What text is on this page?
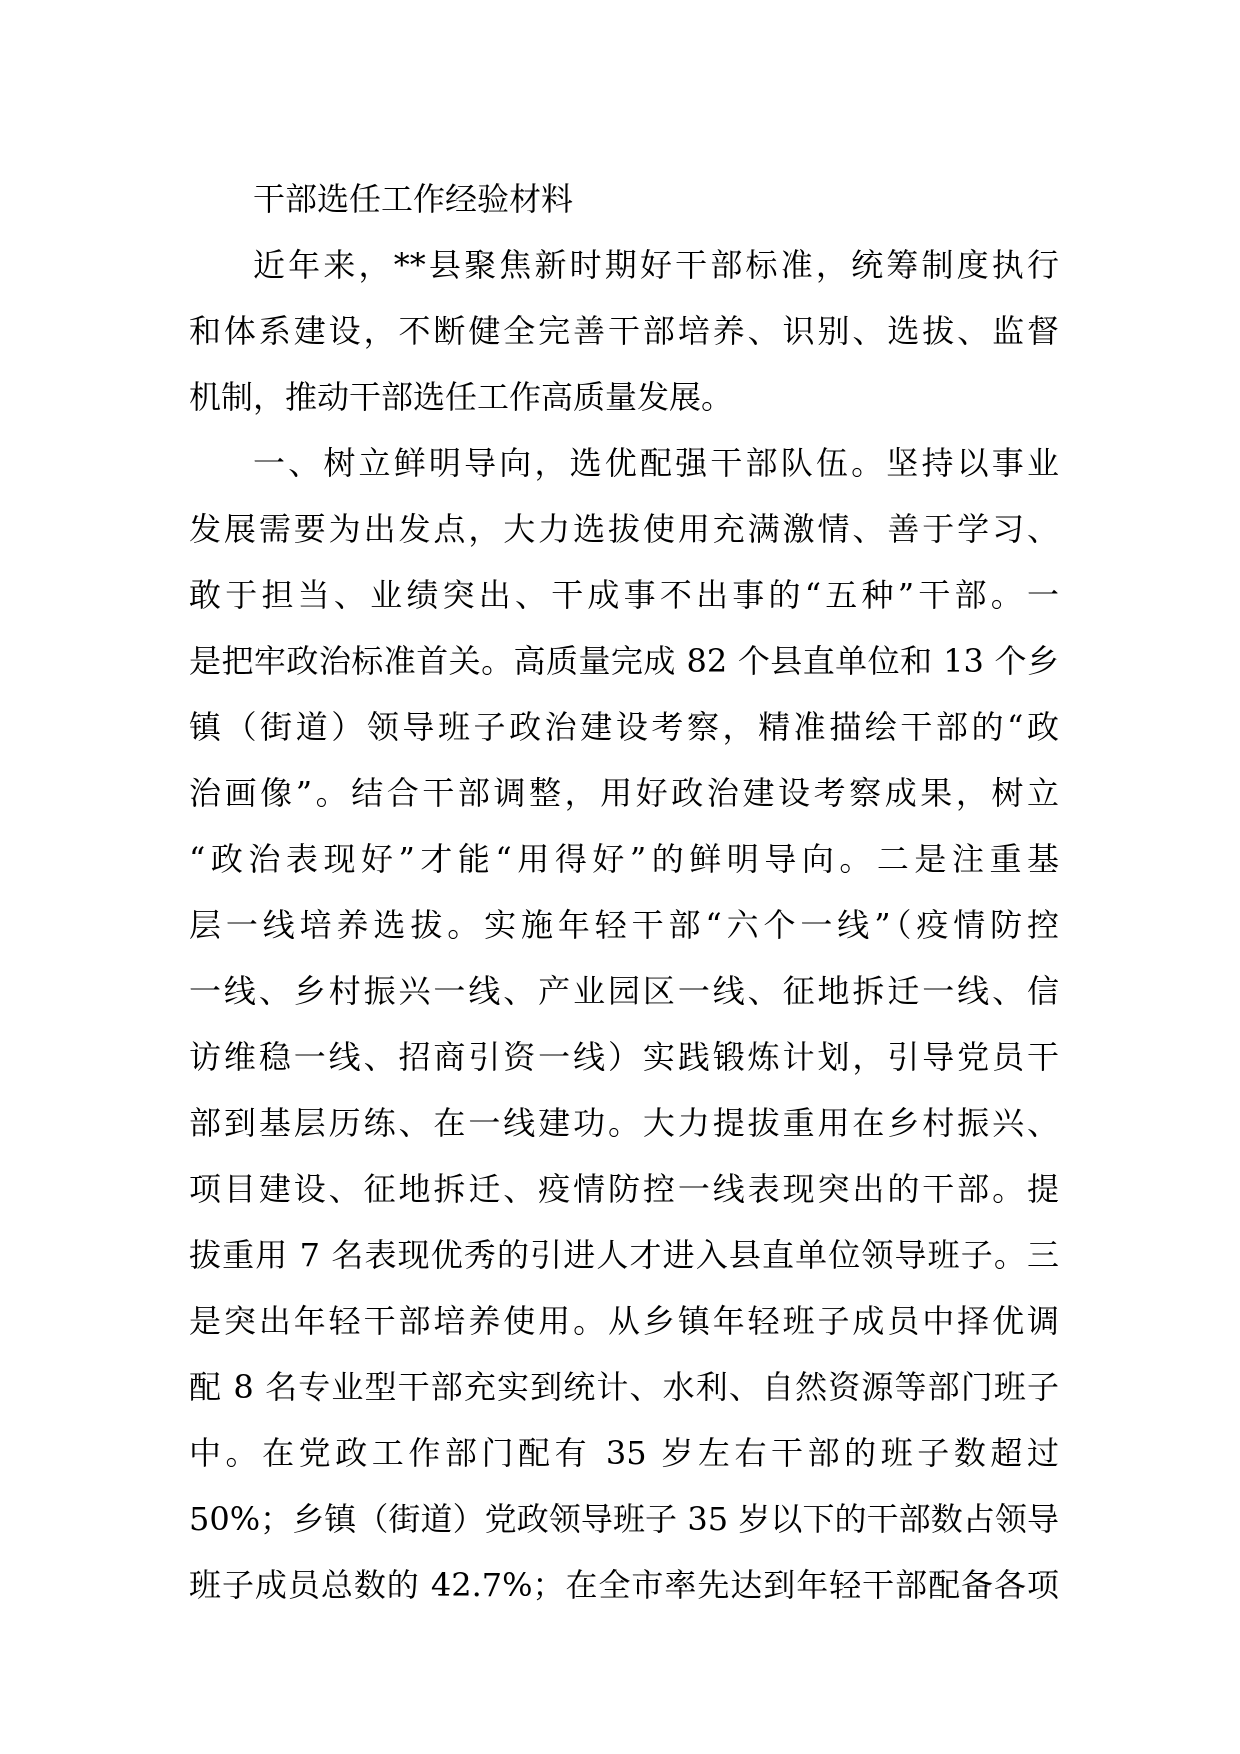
干部选任工作经验材料

近年来，**县聚焦新时期好干部标准，统筹制度执行

和体系建设，不断健全完善干部培养、识别、选拔、监督

机制，推动干部选任工作高质量发展。

一、树立鲜明导向，选优配强干部队伍。坚持以事业

发展需要为出发点，大力选拔使用充满激情、善于学习、

敢于担当、业绩突出、干成事不出事的“五种”干部。一

是把牢政治标准首关。高质量完成 82 个县直单位和 13 个乡

镇（街道）领导班子政治建设考察，精准描绘干部的“政

治画像”。结合干部调整，用好政治建设考察成果，树立

“政治表现好”才能“用得好”的鲜明导向。二是注重基

层一线培养选拔。实施年轻干部“六个一线”（疫情防控

一线、乡村振兴一线、产业园区一线、征地拆迁一线、信

访维稳一线、招商引资一线）实践锻炼计划，引导党员干

部到基层历练、在一线建功。大力提拔重用在乡村振兴、

项目建设、征地拆迁、疫情防控一线表现突出的干部。提

拔重用 7 名表现优秀的引进人才进入县直单位领导班子。三

是突出年轻干部培养使用。从乡镇年轻班子成员中择优调

配 8 名专业型干部充实到统计、水利、自然资源等部门班子

中。在党政工作部门配有 35 岁左右干部的班子数超过

50%；乡镇（街道）党政领导班子 35 岁以下的干部数占领导

班子成员总数的 42.7%；在全市率先达到年轻干部配备各项
